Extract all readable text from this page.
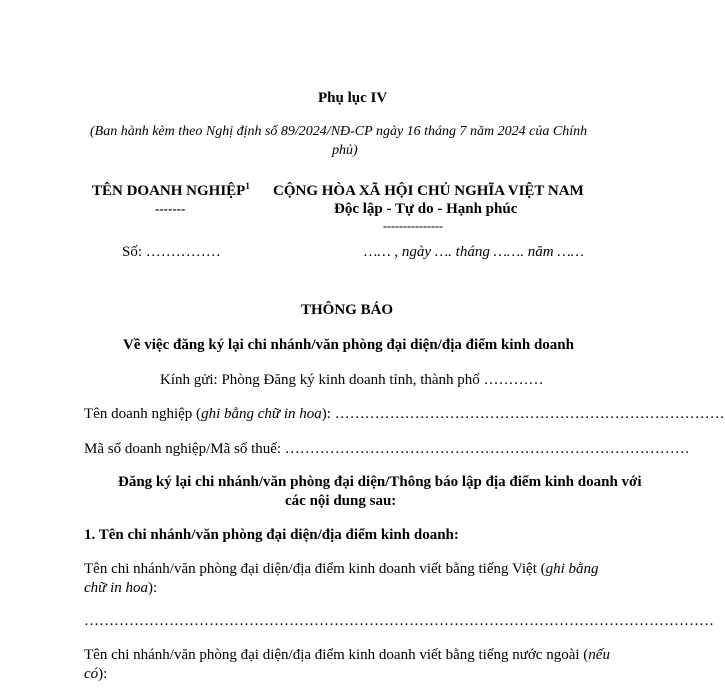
Phụ lục IV
(Ban hành kèm theo Nghị định số 89/2024/NĐ-CP ngày 16 tháng 7 năm 2024 của Chính
phủ)
TÊN DOANH NGHIỆP$^1$
-------
CỘNG HÒA XÃ HỘI CHỦ NGHĨA VIỆT NAM
Độc lập - Tự do - Hạnh phúc
---------------
Số: ……………	…… , ngày …. tháng ……. năm ……
THÔNG BÁO
Về việc đăng ký lại chi nhánh/văn phòng đại diện/địa điểm kinh doanh
Kính gửi: Phòng Đăng ký kinh doanh tỉnh, thành phố …………
Tên doanh nghiệp (ghi bằng chữ in hoa): ……………………………………………………………………
Mã số doanh nghiệp/Mã số thuế: ………………………………………………………………………
Đăng ký lại chi nhánh/văn phòng đại diện/Thông báo lập địa điểm kinh doanh với
các nội dung sau:
1. Tên chi nhánh/văn phòng đại diện/địa điểm kinh doanh:
Tên chi nhánh/văn phòng đại diện/địa điểm kinh doanh viết bằng tiếng Việt (ghi bằng
chữ in hoa):
………………………………………………………………………………………………………………
Tên chi nhánh/văn phòng đại diện/địa điểm kinh doanh viết bằng tiếng nước ngoài (nếu
có):
